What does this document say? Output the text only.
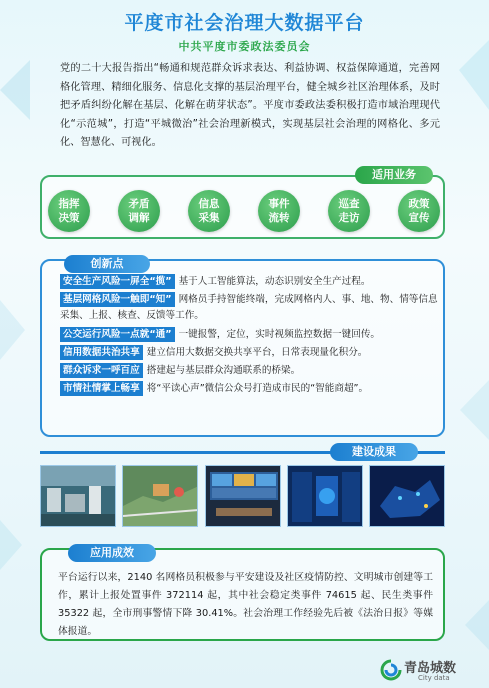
平度市社会治理大数据平台
中共平度市委政法委员会
党的二十大报告指出“畅通和规范群众诉求表达、利益协调、权益保障通道，完善网格化管理、精细化服务、信息化支撑的基层治理平台，健全城乡社区治理体系，及时把矛盾纠纷化解在基层、化解在萌芽状态”。平度市委政法委积极打造市域治理现代化“示范城”，打造“平城微治”社会治理新模式，实现基层社会治理的网格化、多元化、智慧化、可视化。
适用业务
指挥
决策
矛盾
调解
信息
采集
事件
流转
巡查
走访
政策
宣传
创新点
安全生产风险一屏全“揽” 基于人工智能算法，动态识别安全生产过程。
基层网格风险一触即“知” 网格员手持智能终端，完成网格内人、事、地、物、情等信息采集、上报、核查、反馈等工作。
公交运行风险一点就“通” 一键报警，定位，实时视频监控数据一键回传。
信用数据共治共享 建立信用大数据交换共享平台，日常表现量化积分。
群众诉求一呼百应 搭建起与基层群众沟通联系的桥梁。
市情社情掌上畅享 将“平读心声”微信公众号打造成市民的“智能商超”。
建设成果
应用成效
平台运行以来，2140 名网格员积极参与平安建设及社区疫情防控、文明城市创建等工作，累计上报处置事件 372114 起，其中社会稳定类事件 74615 起、民生类事件 35322 起，全市刑事警情下降 30.41%。社会治理工作经验先后被《法治日报》等媒体报道。
青岛城数
City data
